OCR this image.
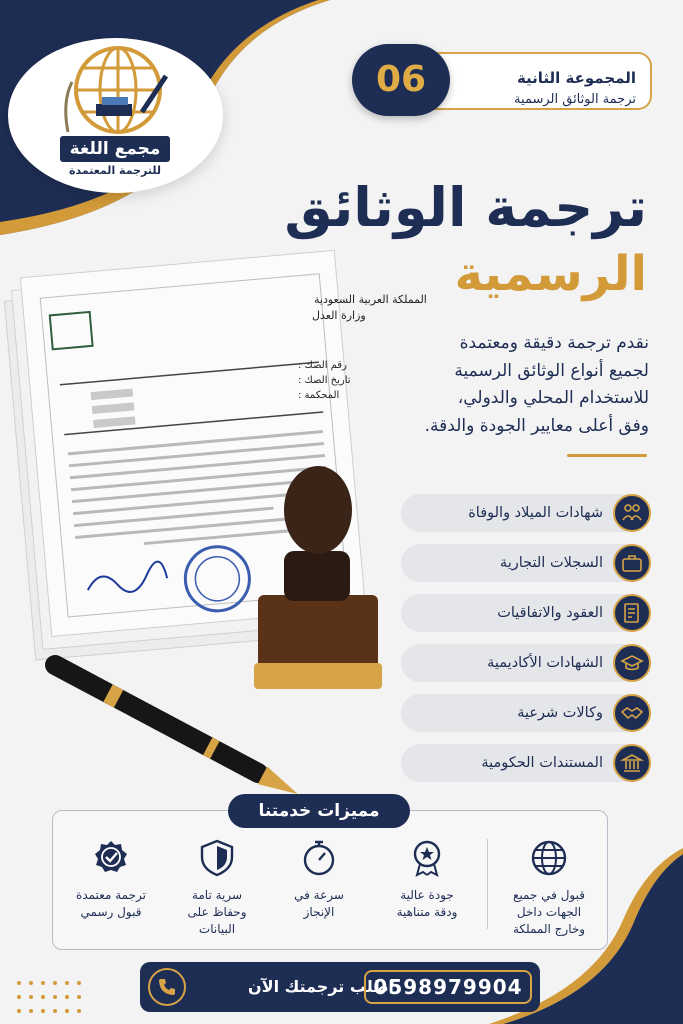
مجمع اللغة
للترجمة المعتمدة
المجموعة الثانية
ترجمة الوثائق الرسمية
06
ترجمة الوثائق
الرسمية
نقدم ترجمة دقيقة ومعتمدة
لجميع أنواع الوثائق الرسمية
للاستخدام المحلي والدولي،
وفق أعلى معايير الجودة والدقة.
المملكة العربية السعودية
وزارة العدل
رقم الصك :
تاريخ الصك :
المحكمة :
شهادات الميلاد والوفاة
السجلات التجارية
العقود والاتفاقيات
الشهادات الأكاديمية
وكالات شرعية
المستندات الحكومية
قبول في جميع
الجهات داخل
وخارج المملكة
جودة عالية
ودقة متناهية
سرعة في
الإنجاز
سرية تامة
وحفاظ على
البيانات
ترجمة معتمدة
قبول رسمي
مميزات خدمتنا
اطلب ترجمتك الآن
0598979904
